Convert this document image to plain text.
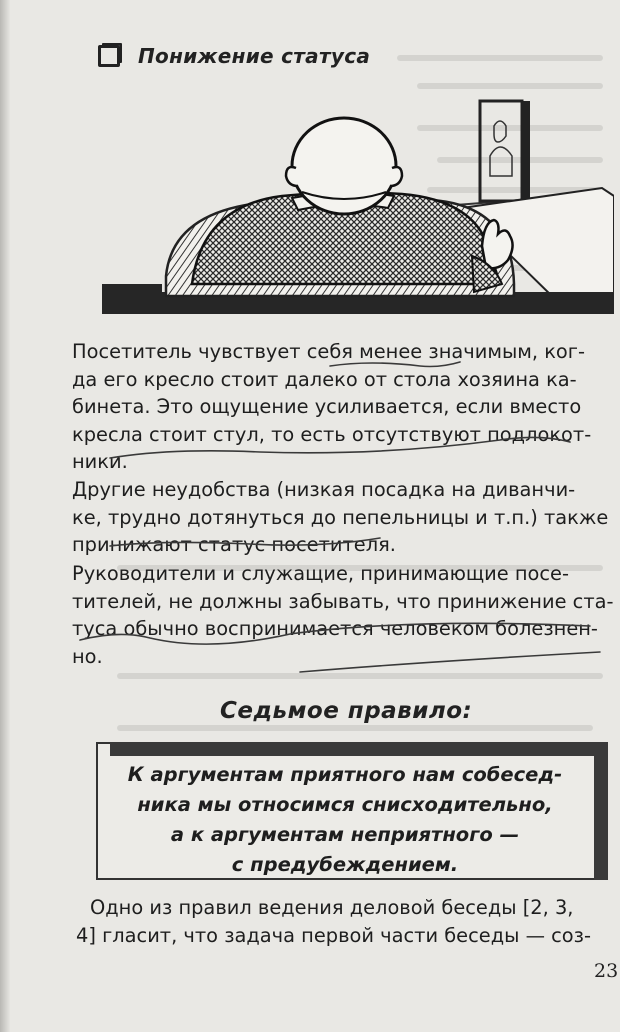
Понижение статуса
Посетитель чувствует себя менее значимым, ког-
да его кресло стоит далеко от стола хозяина ка-
бинета. Это ощущение усиливается, если вместо
кресла стоит стул, то есть отсутствуют подлокот-
ники.
Другие неудобства (низкая посадка на диванчи-
ке, трудно дотянуться до пепельницы и т.п.) также
принижают статус посетителя.
Руководители и служащие, принимающие посе-
тителей, не должны забывать, что принижение ста-
туса обычно воспринимается человеком болезнен-
но.
Седьмое правило:
К аргументам приятного нам собесед-
ника мы относимся снисходительно,
а к аргументам неприятного —
с предубеждением.
Одно из правил ведения деловой беседы [2, 3,
4] гласит, что задача первой части беседы — соз-
23
